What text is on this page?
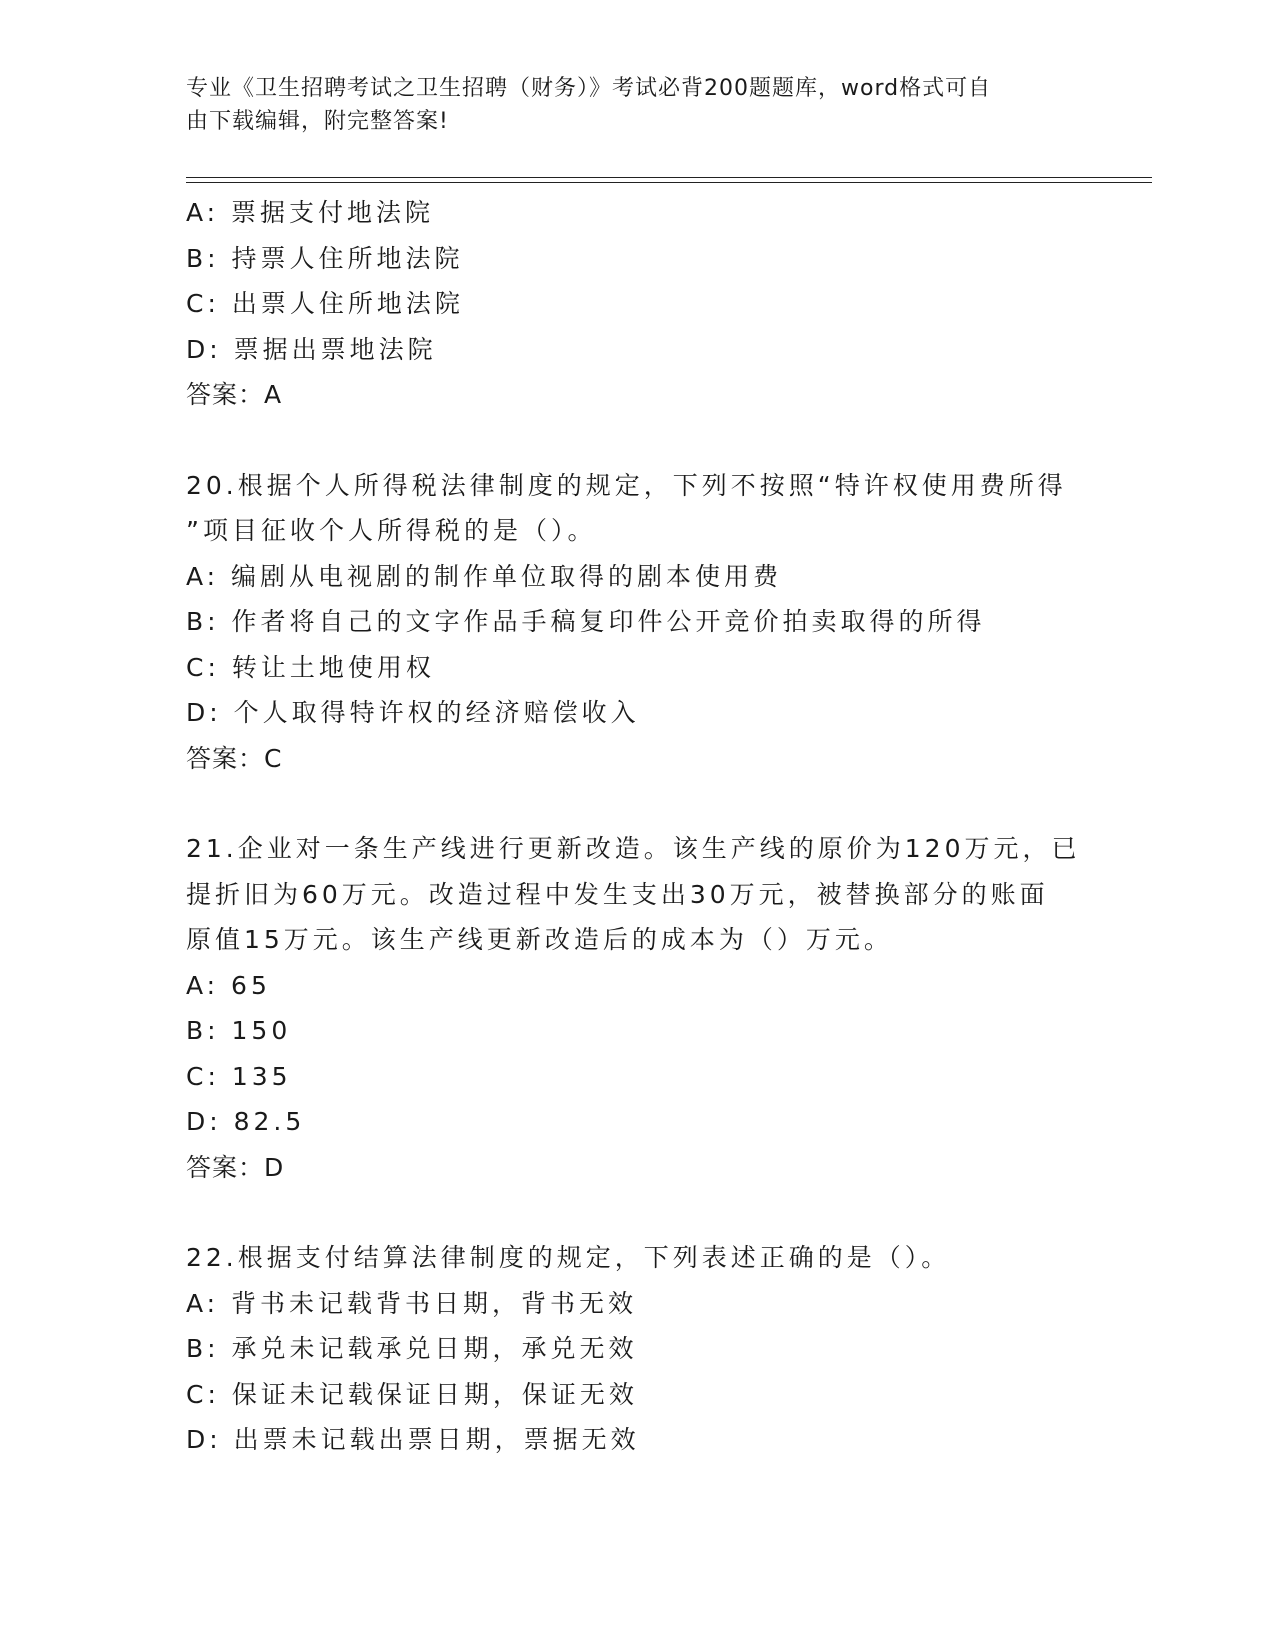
专业《卫生招聘考试之卫生招聘（财务）》考试必背200题题库，word格式可自
由下载编辑，附完整答案!
A: 票据支付地法院
B: 持票人住所地法院
C: 出票人住所地法院
D: 票据出票地法院
答案：A
20.根据个人所得税法律制度的规定，下列不按照“特许权使用费所得
”项目征收个人所得税的是（）。
A: 编剧从电视剧的制作单位取得的剧本使用费
B: 作者将自己的文字作品手稿复印件公开竞价拍卖取得的所得
C: 转让土地使用权
D: 个人取得特许权的经济赔偿收入
答案：C
21.企业对一条生产线进行更新改造。该生产线的原价为120万元，已
提折旧为60万元。改造过程中发生支出30万元，被替换部分的账面
原值15万元。该生产线更新改造后的成本为（）万元。
A: 65
B: 150
C: 135
D: 82.5
答案：D
22.根据支付结算法律制度的规定，下列表述正确的是（）。
A: 背书未记载背书日期，背书无效
B: 承兑未记载承兑日期，承兑无效
C: 保证未记载保证日期，保证无效
D: 出票未记载出票日期，票据无效
